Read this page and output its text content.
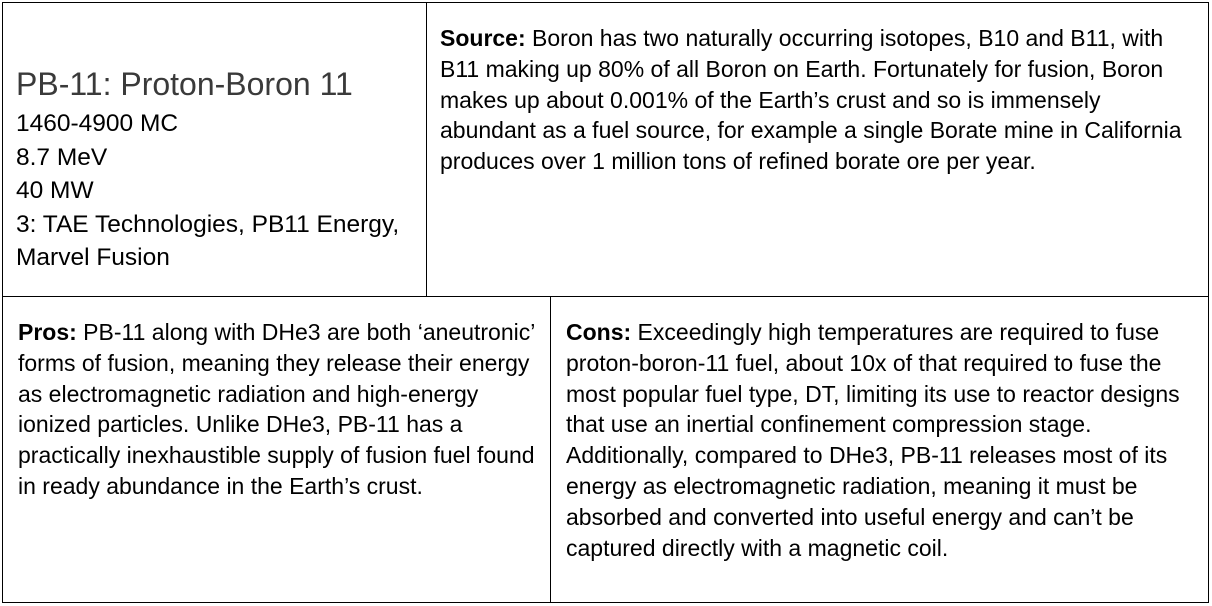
PB-11: Proton-Boron 11

1460-4900 MC

8.7 MeV

40 MW

3: TAE Technologies, PB11 Energy, Marvel Fusion

Source: Boron has two naturally occurring isotopes, B10 and B11, with B11 making up 80% of all Boron on Earth. Fortunately for fusion, Boron makes up about 0.001% of the Earth’s crust and so is immensely abundant as a fuel source, for example a single Borate mine in California produces over 1 million tons of refined borate ore per year.

Pros: PB-11 along with DHe3 are both ‘aneutronic’ forms of fusion, meaning they release their energy as electromagnetic radiation and high-energy ionized particles. Unlike DHe3, PB-11 has a practically inexhaustible supply of fusion fuel found in ready abundance in the Earth’s crust.

Cons: Exceedingly high temperatures are required to fuse proton-boron-11 fuel, about 10x of that required to fuse the most popular fuel type, DT, limiting its use to reactor designs that use an inertial confinement compression stage. Additionally, compared to DHe3, PB-11 releases most of its energy as electromagnetic radiation, meaning it must be absorbed and converted into useful energy and can’t be captured directly with a magnetic coil.
